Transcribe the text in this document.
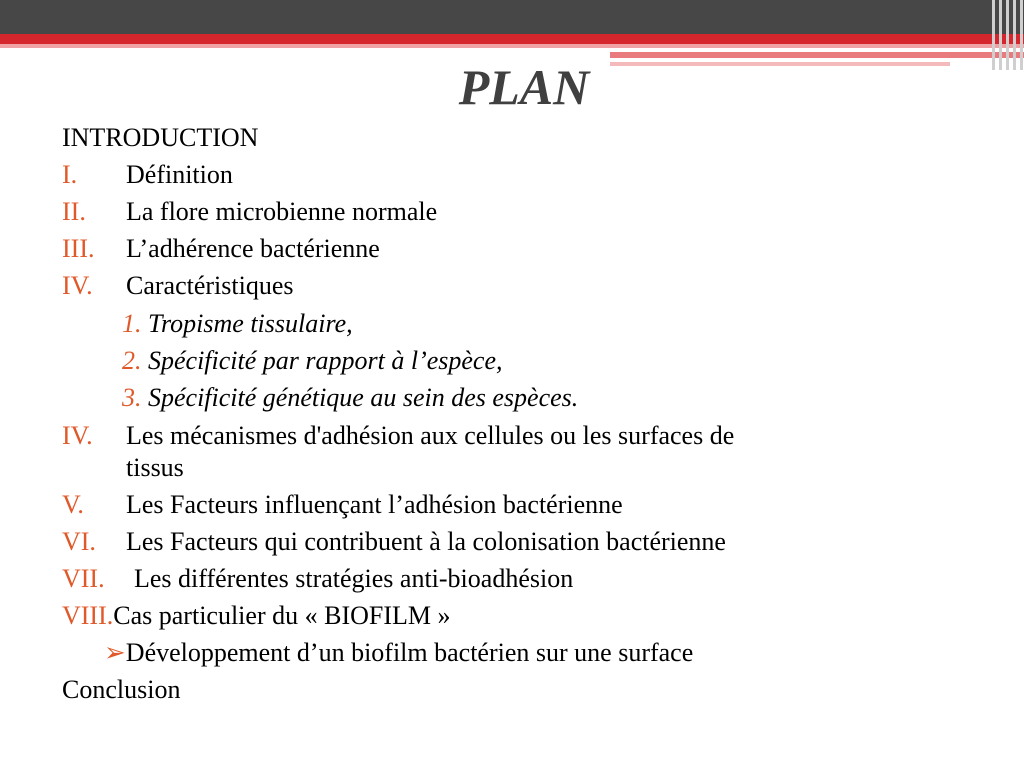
PLAN
INTRODUCTION
I. Définition
II. La flore microbienne normale
III. L’adhérence bactérienne
IV. Caractéristiques
1. Tropisme tissulaire,
2. Spécificité par rapport à l’espèce,
3. Spécificité génétique au sein des espèces.
IV. Les mécanismes d'adhésion aux cellules ou les surfaces de
tissus
V. Les Facteurs influençant l’adhésion bactérienne
VI. Les Facteurs qui contribuent à la colonisation bactérienne
VII. Les différentes stratégies anti-bioadhésion
VIII.Cas particulier du « BIOFILM »
➢Développement d’un biofilm bactérien sur une surface
Conclusion
